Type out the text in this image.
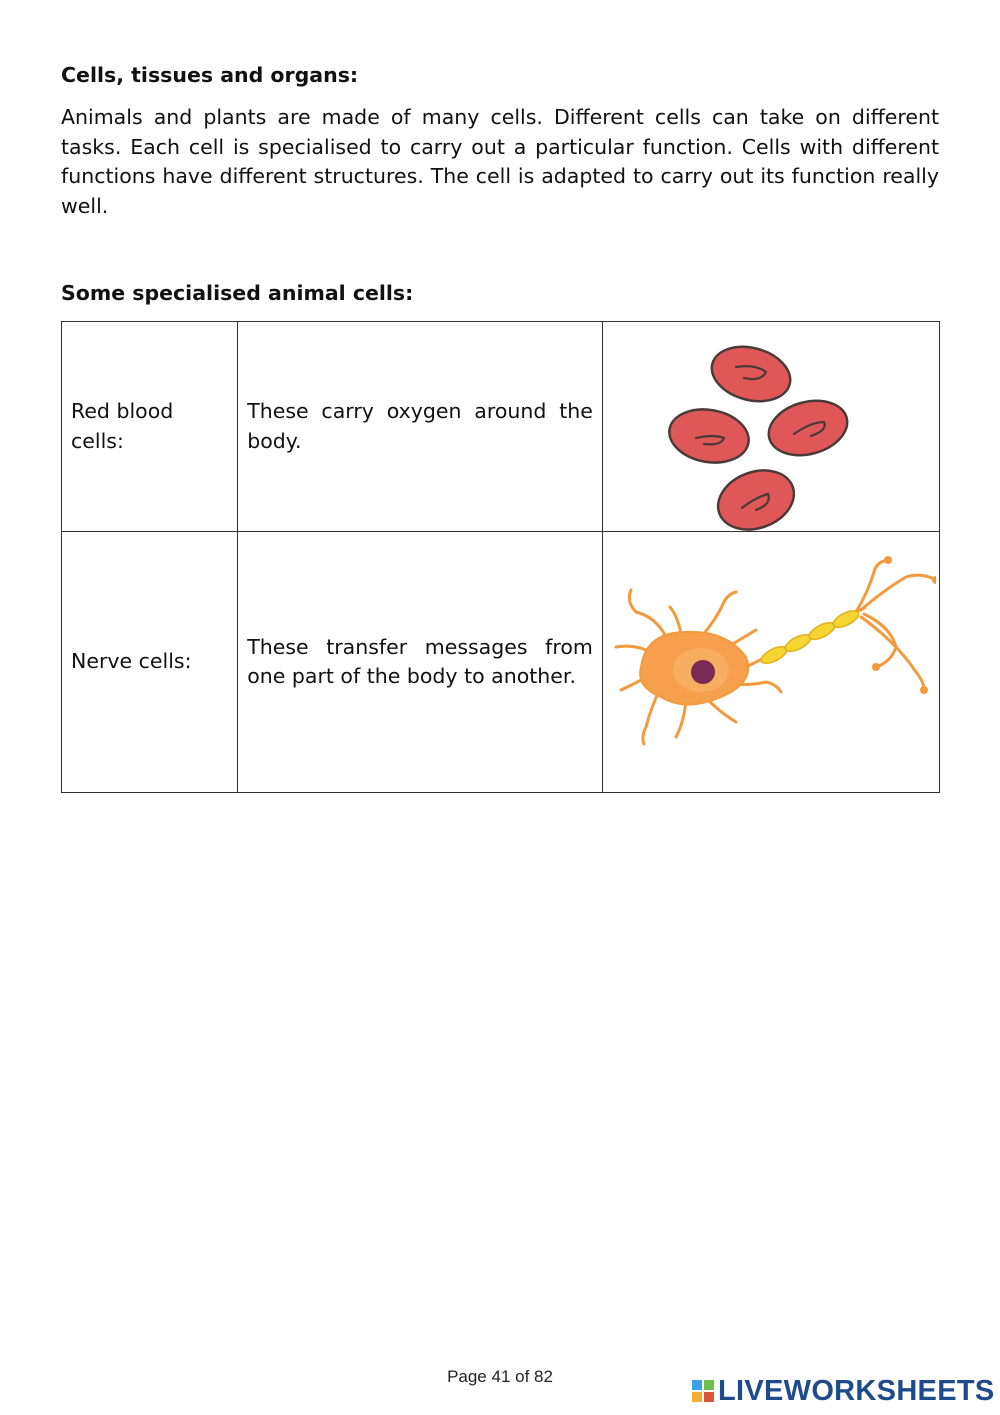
Cells, tissues and organs:

Animals and plants are made of many cells. Different cells can take on different tasks. Each cell is specialised to carry out a particular function. Cells with different functions have different structures. The cell is adapted to carry out its function really well.

Some specialised animal cells:
Red blood cells:	These carry oxygen around the body.	

Nerve cells:	These transfer messages from one part of the body to another.	
Page 41 of 82	LIVEWORKSHEETS
